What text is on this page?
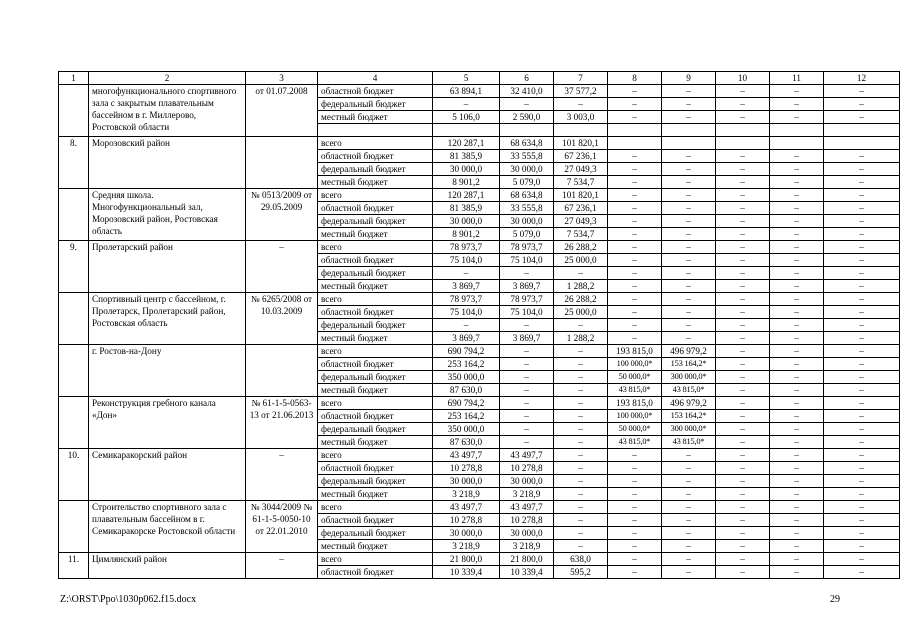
1	2	3	4	5	6	7	8	9	10	11	12
	многофункционального спортивного зала с закрытым плавательным бассейном в г. Миллерово, Ростовской области	от 01.07.2008	областной бюджет	63 894,1	32 410,0	37 577,2	–	–	–	–	–
			федеральный бюджет	–	–	–	–	–	–	–	–
			местный бюджет	5 106,0	2 590,0	3 003,0	–	–	–	–	–

8.	Морозовский район		всего	120 287,1	68 634,8	101 820,1					
			областной бюджет	81 385,9	33 555,8	67 236,1	–	–	–	–	–
			федеральный бюджет	30 000,0	30 000,0	27 049,3	–	–	–	–	–
			местный бюджет	8 901,2	5 079,0	7 534,7	–	–	–	–	–
	Средняя школа. Многофункциональный зал, Морозовский район, Ростовская область	№ 0513/2009 от 29.05.2009	всего	120 287,1	68 634,8	101 820,1	–	–	–	–	–
			областной бюджет	81 385,9	33 555,8	67 236,1	–	–	–	–	–
			федеральный бюджет	30 000,0	30 000,0	27 049,3	–	–	–	–	–
			местный бюджет	8 901,2	5 079,0	7 534,7	–	–	–	–	–
9.	Пролетарский район	–	всего	78 973,7	78 973,7	26 288,2	–	–	–	–	–
			областной бюджет	75 104,0	75 104,0	25 000,0	–	–	–	–	–
			федеральный бюджет	–	–	–	–	–	–	–	–
			местный бюджет	3 869,7	3 869,7	1 288,2	–	–	–	–	–
	Спортивный центр с бассейном, г. Пролетарск, Пролетарский район, Ростовская область	№ 6265/2008 от 10.03.2009	всего	78 973,7	78 973,7	26 288,2	–	–	–	–	–
			областной бюджет	75 104,0	75 104,0	25 000,0	–	–	–	–	–
			федеральный бюджет	–	–	–	–	–	–	–	–
			местный бюджет	3 869,7	3 869,7	1 288,2	–	–	–	–	–
	г. Ростов-на-Дону		всего	690 794,2	–	–	193 815,0	496 979,2	–	–	–
			областной бюджет	253 164,2	–	–	100 000,0*	153 164,2*	–	–	–
			федеральный бюджет	350 000,0	–	–	50 000,0*	300 000,0*	–	–	–
			местный бюджет	87 630,0	–	–	43 815,0*	43 815,0*	–	–	–
	Реконструкция гребного канала «Дон»	№ 61-1-5-0563-13 от 21.06.2013	всего	690 794,2	–	–	193 815,0	496 979,2	–	–	–
			областной бюджет	253 164,2	–	–	100 000,0*	153 164,2*	–	–	–
			федеральный бюджет	350 000,0	–	–	50 000,0*	300 000,0*	–	–	–
			местный бюджет	87 630,0	–	–	43 815,0*	43 815,0*	–	–	–
10.	Семикаракорский район	–	всего	43 497,7	43 497,7	–	–	–	–	–	–
			областной бюджет	10 278,8	10 278,8	–	–	–	–	–	–
			федеральный бюджет	30 000,0	30 000,0	–	–	–	–	–	–
			местный бюджет	3 218,9	3 218,9	–	–	–	–	–	–
	Строительство спортивного зала с плавательным бассейном в г. Семикаракорске Ростовской области	№ 3044/2009 № 61-1-5-0050-10 от 22.01.2010	всего	43 497,7	43 497,7	–	–	–	–	–	–
			областной бюджет	10 278,8	10 278,8	–	–	–	–	–	–
			федеральный бюджет	30 000,0	30 000,0	–	–	–	–	–	–
			местный бюджет	3 218,9	3 218,9	–	–	–	–	–	–
11.	Цимлянский район	–	всего	21 800,0	21 800,0	638,0	–	–	–	–	–
			областной бюджет	10 339,4	10 339,4	595,2	–	–	–	–	–
Z:\ORST\Ppo\1030p062.f15.docx	29
